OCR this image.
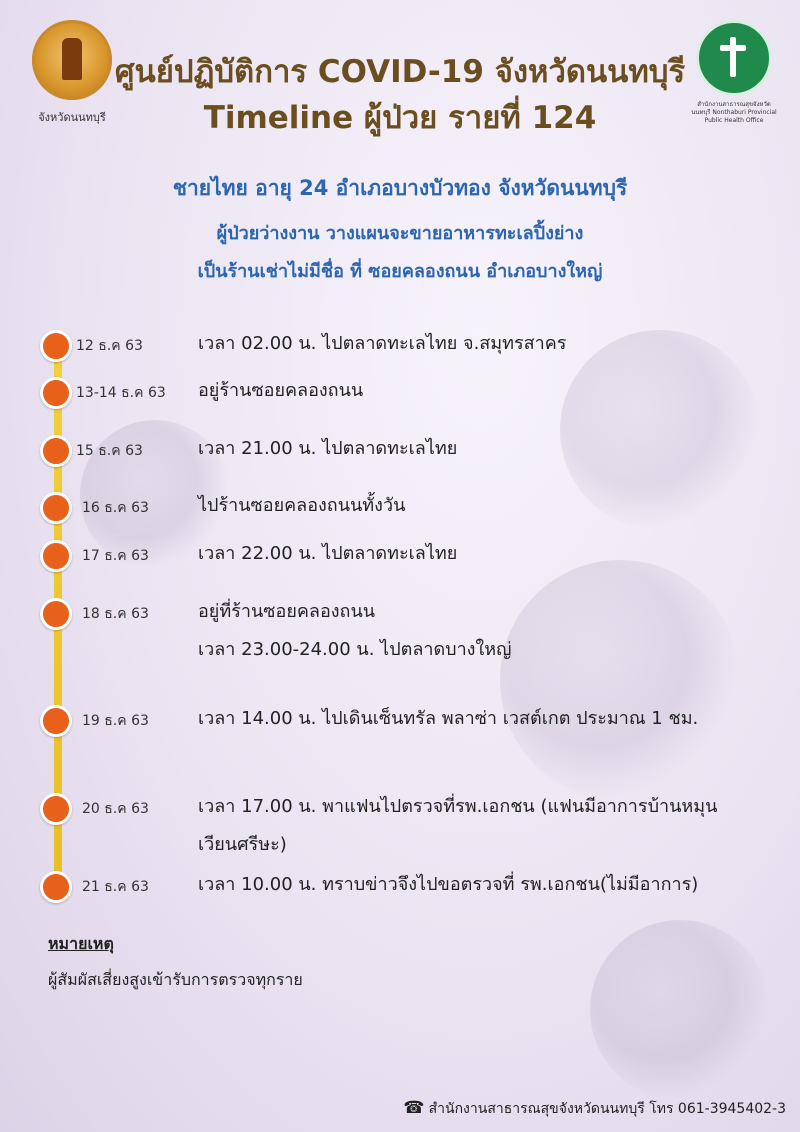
จังหวัดนนทบุรี
สำนักงานสาธารณสุขจังหวัดนนทบุรี Nonthaburi Provincial Public Health Office
ศูนย์ปฏิบัติการ COVID-19 จังหวัดนนทบุรี
Timeline ผู้ป่วย รายที่ 124
ชายไทย อายุ 24 อำเภอบางบัวทอง จังหวัดนนทบุรี
ผู้ป่วยว่างงาน วางแผนจะขายอาหารทะเลปิ้งย่าง
เป็นร้านเช่าไม่มีชื่อ ที่ ซอยคลองถนน อำเภอบางใหญ่
12 ธ.ค 63	เวลา 02.00 น. ไปตลาดทะเลไทย จ.สมุทรสาคร
13-14 ธ.ค 63 อยู่ร้านซอยคลองถนน
15 ธ.ค 63	เวลา 21.00 น. ไปตลาดทะเลไทย
16 ธ.ค 63	ไปร้านซอยคลองถนนทั้งวัน
17 ธ.ค 63	เวลา 22.00 น. ไปตลาดทะเลไทย
18 ธ.ค 63	อยู่ที่ร้านซอยคลองถนน
เวลา 23.00-24.00 น. ไปตลาดบางใหญ่
19 ธ.ค 63	เวลา 14.00 น. ไปเดินเซ็นทรัล พลาซ่า เวสต์เกต ประมาณ 1 ชม.
20 ธ.ค 63	เวลา 17.00 น. พาแฟนไปตรวจที่รพ.เอกชน (แฟนมีอาการบ้านหมุน
เวียนศรีษะ)
21 ธ.ค 63	เวลา 10.00 น. ทราบข่าวจึงไปขอตรวจที่ รพ.เอกชน(ไม่มีอาการ)
หมายเหตุ
ผู้สัมผัสเสี่ยงสูงเข้ารับการตรวจทุกราย
☎ สำนักงานสาธารณสุขจังหวัดนนทบุรี โทร 061-3945402-3
